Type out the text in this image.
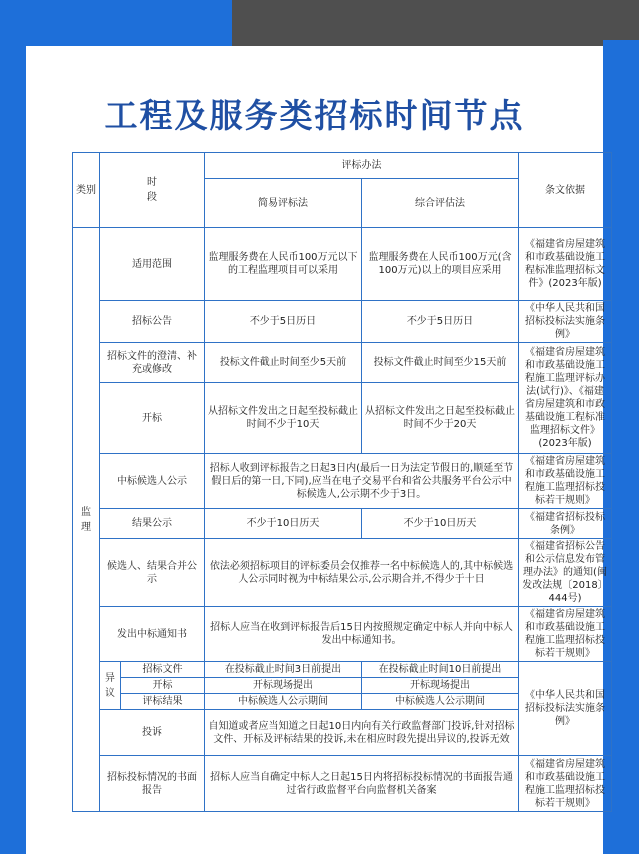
工程及服务类招标时间节点
类别	时段		评标办法		条文依据
			简易评标法	综合评估法	
监理	适用范围		监理服务费在人民币100万元以下的工程监理项目可以采用	监理服务费在人民币100万元(含100万元)以上的项目应采用	《福建省房屋建筑和市政基础设施工程标准监理招标文件》(2023年版)
	招标公告		不少于5日历日	不少于5日历日	《中华人民共和国招标投标法实施条例》
	招标文件的澄清、补充或修改		投标文件截止时间至少5天前	投标文件截止时间至少15天前	《福建省房屋建筑和市政基础设施工程施工监理评标办法(试行)》、《福建省房屋建筑和市政基础设施工程标准监理招标文件》(2023年版)
	开标		从招标文件发出之日起至投标截止时间不少于10天	从招标文件发出之日起至投标截止时间不少于20天	
	中标候选人公示		招标人收到评标报告之日起3日内(最后一日为法定节假日的,顺延至节假日后的第一日,下同),应当在电子交易平台和省公共服务平台公示中标候选人,公示期不少于3日。		《福建省房屋建筑和市政基础设施工程施工监理招标投标若干规则》
	结果公示		不少于10日历天	不少于10日历天	《福建省招标投标条例》
	候选人、结果合并公示		依法必须招标项目的评标委员会仅推荐一名中标候选人的,其中标候选人公示同时视为中标结果公示,公示期合并,不得少于十日		《福建省招标公告和公示信息发布管理办法》的通知(闽发改法规〔2018〕444号)
	发出中标通知书		招标人应当在收到评标报告后15日内按照规定确定中标人并向中标人发出中标通知书。		《福建省房屋建筑和市政基础设施工程施工监理招标投标若干规则》
	异议	招标文件	在投标截止时间3日前提出	在投标截止时间10日前提出	《中华人民共和国招标投标法实施条例》
		开标	开标现场提出	开标现场提出	
		评标结果	中标候选人公示期间	中标候选人公示期间	
	投诉		自知道或者应当知道之日起10日内向有关行政监督部门投诉,针对招标文件、开标及评标结果的投诉,未在相应时段先提出异议的,投诉无效		
	招标投标情况的书面报告		招标人应当自确定中标人之日起15日内将招标投标情况的书面报告通过省行政监督平台向监督机关备案		《福建省房屋建筑和市政基础设施工程施工监理招标投标若干规则》
